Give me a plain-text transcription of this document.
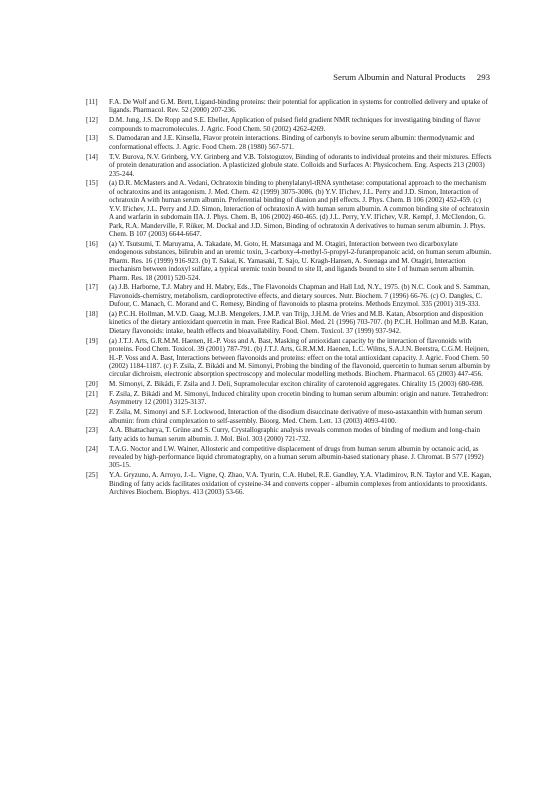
Serum Albumin and Natural Products 293
[11] F.A. De Wolf and G.M. Brett, Ligand-binding proteins: their potential for application in systems for controlled delivery and uptake of ligands. Pharmacol. Rev. 52 (2000) 207-236.
[12] D.M. Jung, J.S. De Ropp and S.E. Ebeller, Application of pulsed field gradient NMR techniques for investigating binding of flavor compounds to macromolecules. J. Agric. Food Chem. 50 (2002) 4262-4269.
[13] S. Damodaran and J.E. Kinsella, Flavor protein interactions. Binding of carbonyls to bovine serum albumin: thermodynamic and conformational effects. J. Agric. Food Chem. 28 (1980) 567-571.
[14] T.V. Burova, N.V. Grinberg, V.Y. Grinberg and V.B. Tolstoguzov, Binding of odorants to individual proteins and their mixtures. Effects of protein denaturation and association. A plasticized globule state. Colloids and Surfaces A: Physicochem. Eng. Aspects 213 (2003) 235-244.
[15] (a) D.R. McMasters and A. Vedani, Ochratoxin binding to phenylalanyl-tRNA synthetase: computational approach to the mechanism of ochratoxins and its antagonism. J. Med. Chem. 42 (1999) 3075-3086. (b) Y.V. Il'ichev, J.L. Perry and J.D. Simon, Interaction of ochratoxin A with human serum albumin. Preferential binding of dianion and pH effects. J. Phys. Chem. B 106 (2002) 452-459. (c) Y.V. Il'ichev, J.L. Perry and J.D. Simon, Interaction of ochratoxin A with human serum albumin. A common binding site of ochratoxin A and warfarin in subdomain IIA. J. Phys. Chem. B, 106 (2002) 460-465. (d) J.L. Perry, Y.V. Il'ichev, V.R. Kempf, J. McClendon, G. Park, R.A. Manderville, F. Rüker, M. Dockal and J.D. Simon, Binding of ochratoxin A derivatives to human serum albumin. J. Phys. Chem. B 107 (2003) 6644-6647.
[16] (a) Y. Tsutsumi, T. Maruyama, A. Takadate, M. Goto, H. Matsunaga and M. Otagiri, Interaction between two dicarboxylate endogenous substances, bilirubin and an uremic toxin, 3-carboxy-4-methyl-5-propyl-2-furanpropanoic acid, on human serum albumin. Pharm. Res. 16 (1999) 916-923. (b) T. Sakai, K. Yamasaki, T. Sajo, U. Kragh-Hansen, A. Suenaga and M. Otagiri, Interaction mechanism between indoxyl sulfate, a typical uremic toxin bound to site II, and ligands bound to site I of human serum albumin. Pharm. Res. 18 (2001) 520-524.
[17] (a) J.B. Harborne, T.J. Mabry and H. Mabry, Eds., The Flavonoids Chapman and Hall Ltd, N.Y., 1975. (b) N.C. Cook and S. Samman, Flavonoids-chemistry, metabolism, cardioprotective effects, and dietary sources. Nutr. Biochem. 7 (1996) 66-76. (c) O. Dangles, C. Dufour, C. Manach, C. Morand and C. Remesy, Binding of flavonoids to plasma proteins. Methods Enzymol. 335 (2001) 319-333.
[18] (a) P.C.H. Hollman, M.V.D. Gaag, M.J.B. Mengelers, J.M.P. van Trijp, J.H.M. de Vries and M.B. Katan, Absorption and disposition kinetics of the dietary antioxidant quercetin in man. Free Radical Biol. Med. 21 (1996) 703-707. (b) P.C.H. Hollman and M.B. Katan, Dietary flavonoids: intake, health effects and bioavailability. Food. Chem. Toxicol. 37 (1999) 937-942.
[19] (a) J.T.J. Arts, G.R.M.M. Haenen, H.-P. Voss and A. Bast, Masking of antioxidant capacity by the interaction of flavonoids with proteins. Food Chem. Toxicol. 39 (2001) 787-791. (b) J.T.J. Arts, G.R.M.M. Haenen, L.C. Wilms, S.A.J.N. Beetstra, C.G.M. Heijnen, H.-P. Voss and A. Bast, Interactions between flavonoids and proteins: effect on the total antioxidant capacity. J. Agric. Food Chem. 50 (2002) 1184-1187. (c) F. Zsila, Z. Bikádi and M. Simonyi, Probing the binding of the flavonoid, quercetin to human serum albumin by circular dichroism, electronic absorption spectroscopy and molecular modelling methods. Biochem. Pharmacol. 65 (2003) 447-456.
[20] M. Simonyi, Z. Bikádi, F. Zsila and J. Deli, Supramolecular exciton chirality of carotenoid aggregates. Chirality 15 (2003) 680-698.
[21] F. Zsila, Z. Bikádi and M. Simonyi, Induced chirality upon crocetin binding to human serum albumin: origin and nature. Tetrahedron: Asymmetry 12 (2001) 3125-3137.
[22] F. Zsila, M. Simonyi and S.F. Lockwood, Interaction of the disodium disuccinate derivative of meso-astaxanthin with human serum albumin: from chiral complexation to self-assembly. Bioorg. Med. Chem. Lett. 13 (2003) 4093-4100.
[23] A.A. Bhattacharya, T. Grüne and S. Curry, Crystallographic analysis reveals common modes of binding of medium and long-chain fatty acids to human serum albumin. J. Mol. Biol. 303 (2000) 721-732.
[24] T.A.G. Noctor and I.W. Wainer, Allosteric and competitive displacement of drugs from human serum albumin by octanoic acid, as revealed by high-performance liquid chromatography, on a human serum albumin-based stationary phase. J. Chromat. B 577 (1992) 305-15.
[25] Y.A. Gryzuno, A. Arroyo, J.-L. Vigne, Q. Zhao, V.A. Tyurin, C.A. Hubel, R.E. Gandley, Y.A. Vladimirov, R.N. Taylor and V.E. Kagan, Binding of fatty acids facilitates oxidation of cysteine-34 and converts copper - albumin complexes from antioxidants to prooxidants. Archives Biochem. Biophys. 413 (2003) 53-66.
